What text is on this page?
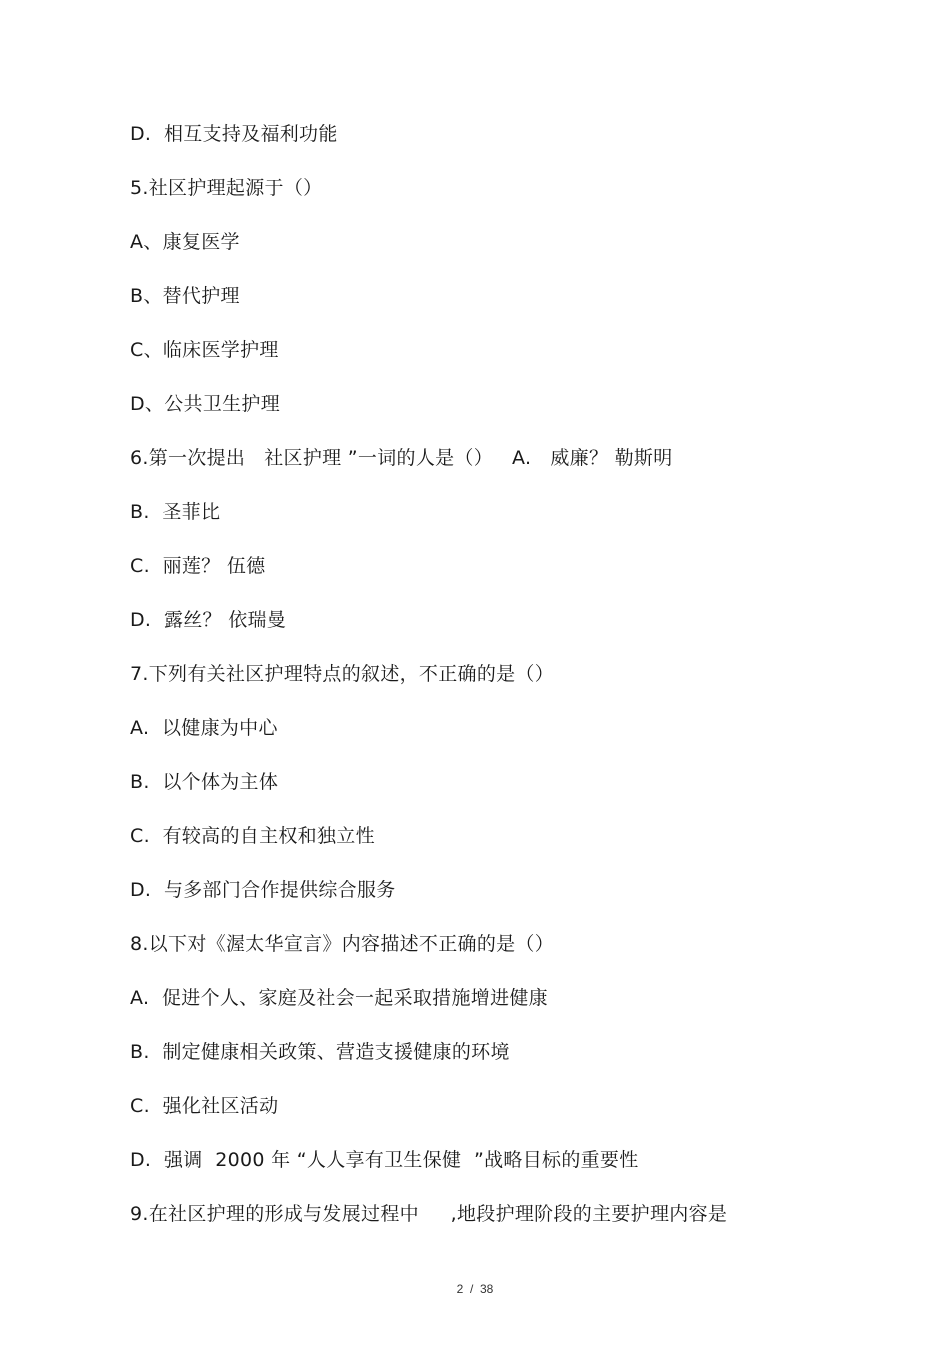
D.  相互支持及福利功能
5.社区护理起源于（）
A、康复医学
B、替代护理
C、临床医学护理
D、公共卫生护理
6.第一次提出   社区护理 ”一词的人是（）   A.   威廉？ 勒斯明
B.  圣菲比
C.  丽莲？ 伍德
D.  露丝？ 依瑞曼
7.下列有关社区护理特点的叙述，不正确的是（）
A.  以健康为中心
B.  以个体为主体
C.  有较高的自主权和独立性
D.  与多部门合作提供综合服务
8.以下对《渥太华宣言》内容描述不正确的是（）
A.  促进个人、家庭及社会一起采取措施增进健康
B.  制定健康相关政策、营造支援健康的环境
C.  强化社区活动
D.  强调  2000 年 “人人享有卫生保健  ”战略目标的重要性
9.在社区护理的形成与发展过程中     ,地段护理阶段的主要护理内容是
2  /  38
